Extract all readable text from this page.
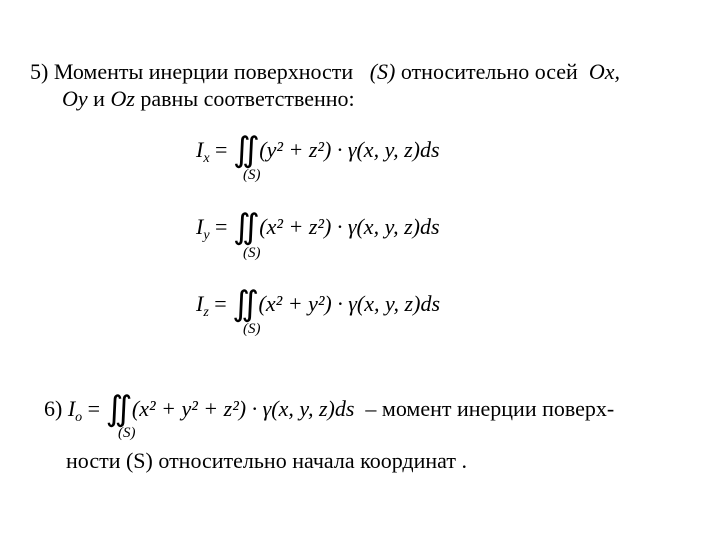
5) Моменты инерции поверхности (S) относительно осей Ox,
Oy и Oz равны соответственно:
$I_x$ = ∬ (y² + z²) · γ(x, y, z)ds
(S)
$I_y$ = ∬ (x² + z²) · γ(x, y, z)ds
(S)
$I_z$ = ∬ (x² + y²) · γ(x, y, z)ds
(S)
6) $I_o$ = ∬ (x² + y² + z²) · γ(x, y, z)ds – момент инерции поверх-
(S)
ности (S) относительно начала координат .
